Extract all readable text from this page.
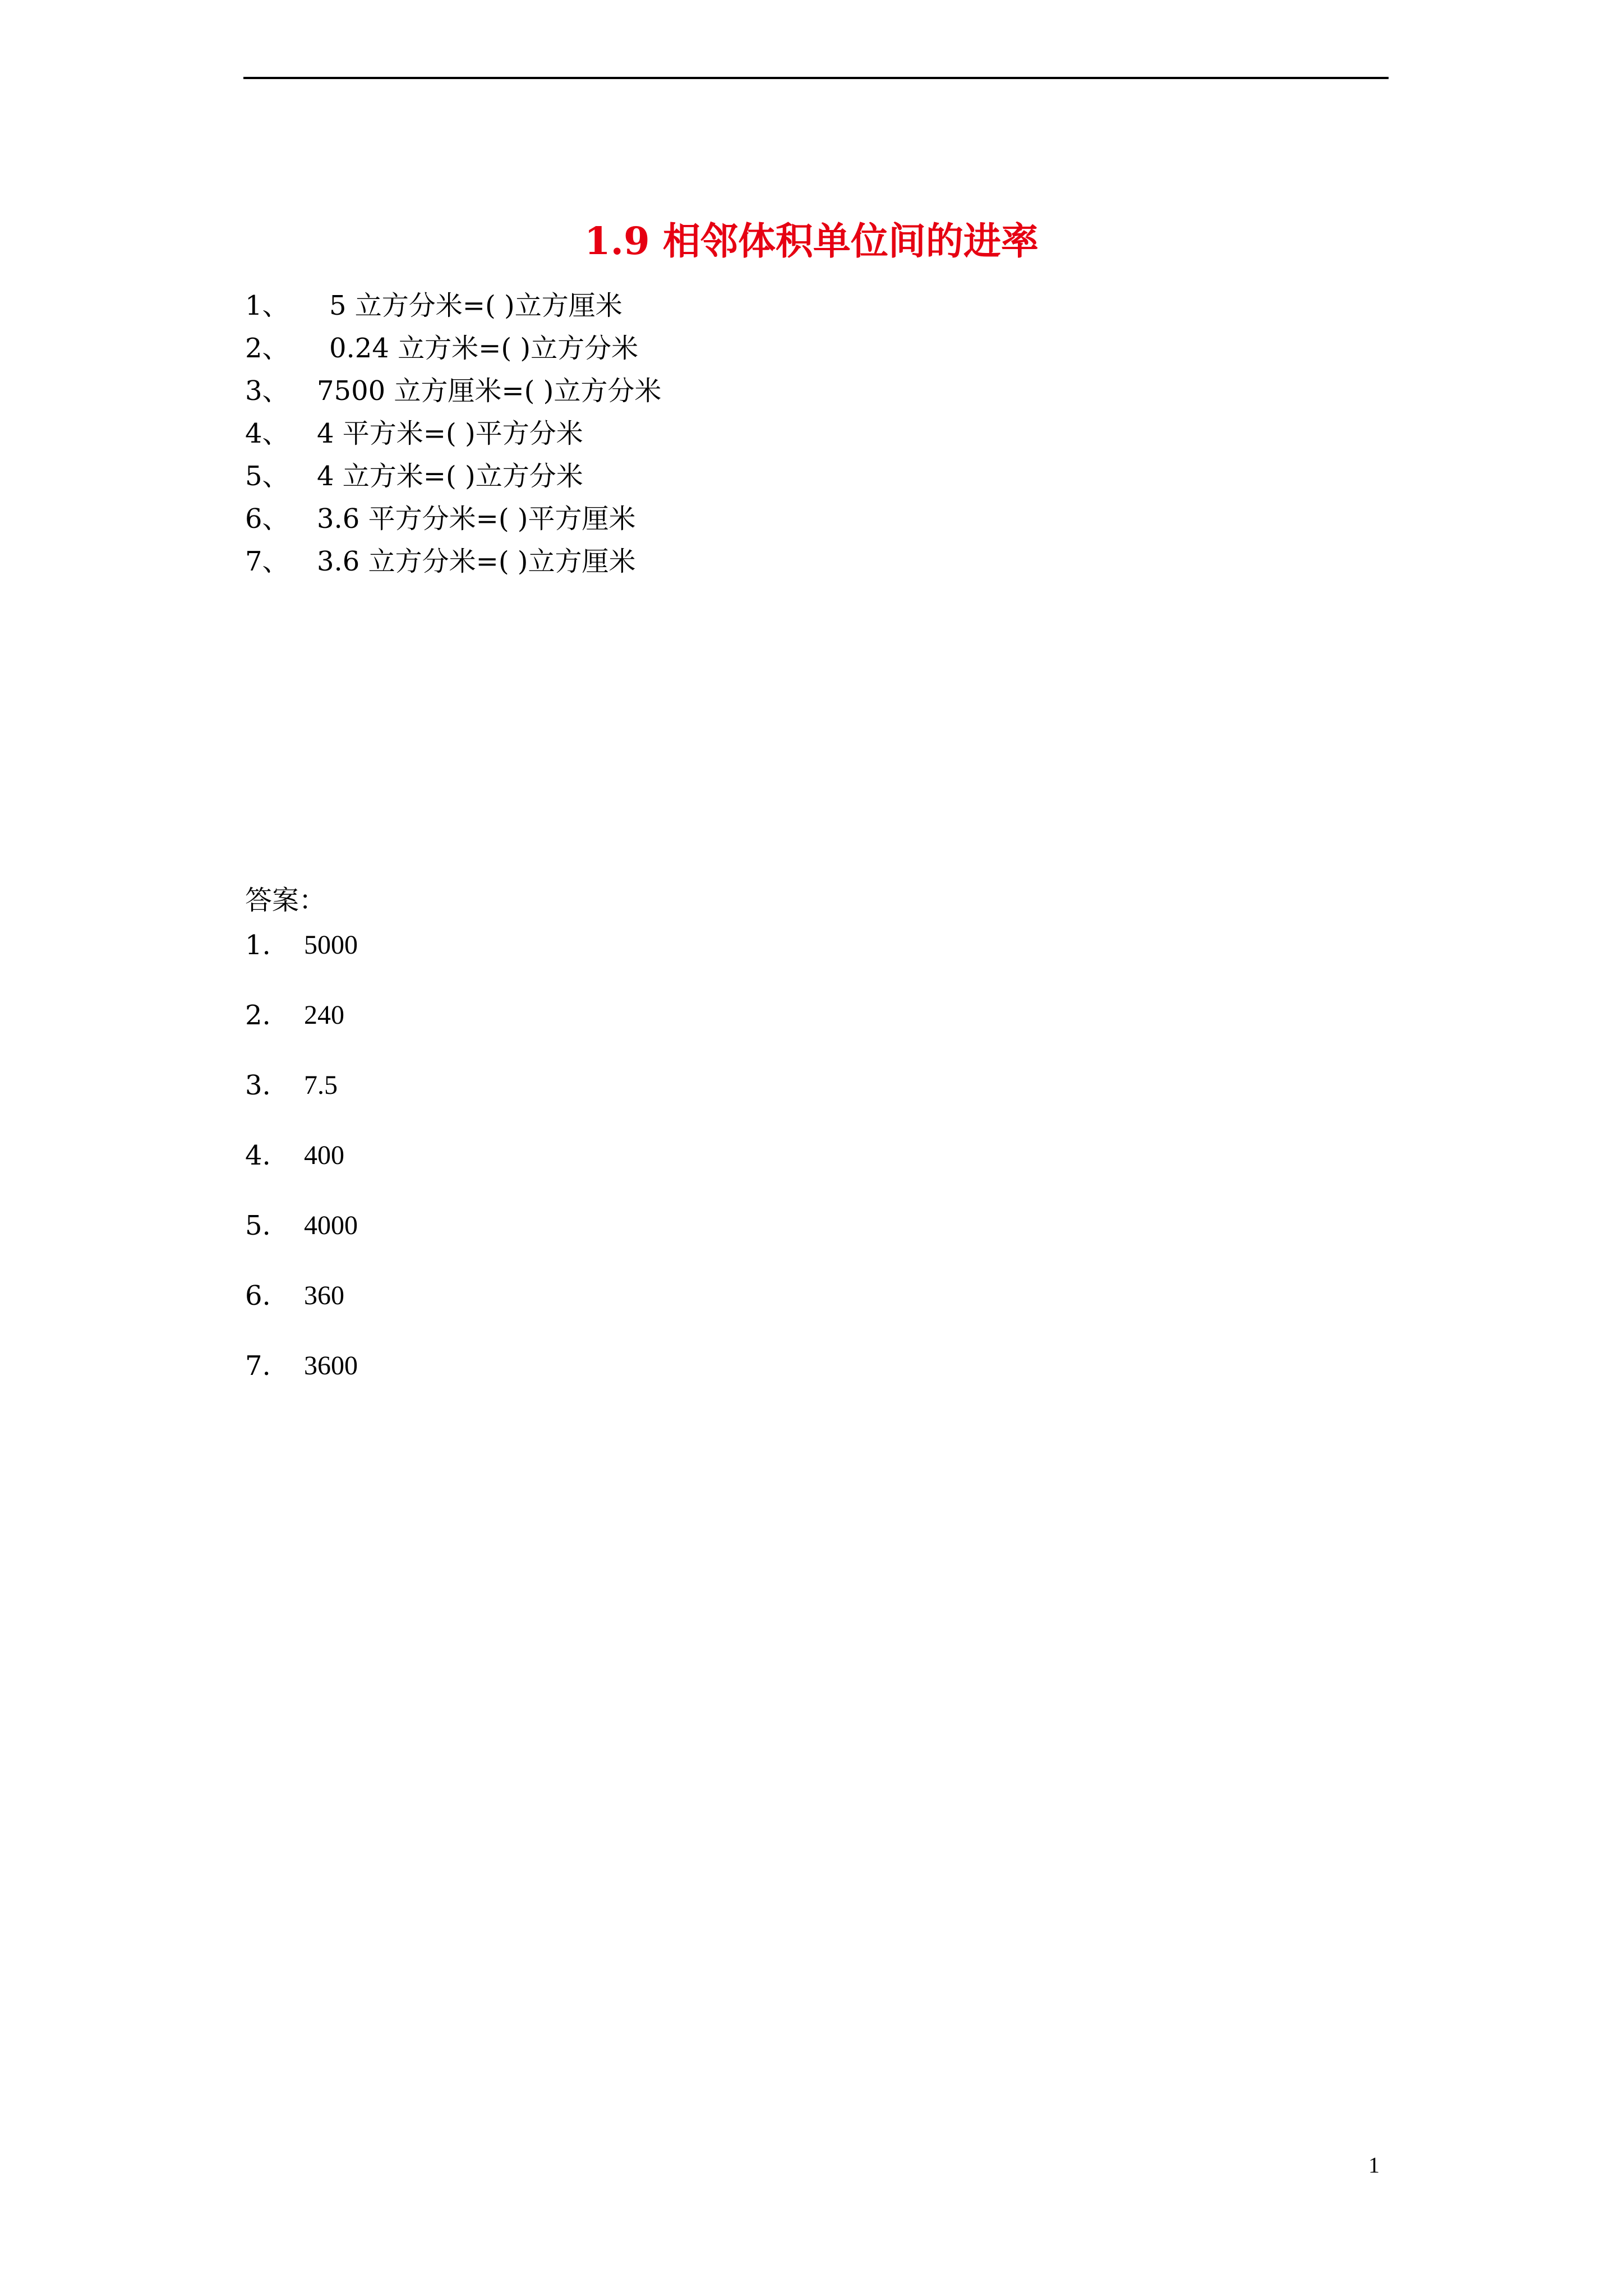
1.9 相邻体积单位间的进率
1、 5 立方分米=( )立方厘米
2、 0.24 立方米=( )立方分米
3、 7500 立方厘米=( )立方分米
4、 4 平方米=( )平方分米
5、 4 立方米=( )立方分米
6、 3.6 平方分米=( )平方厘米
7、 3.6 立方分米=( )立方厘米
答案：
1. 5000
2. 240
3. 7.5
4. 400
5. 4000
6. 360
7. 3600
1
